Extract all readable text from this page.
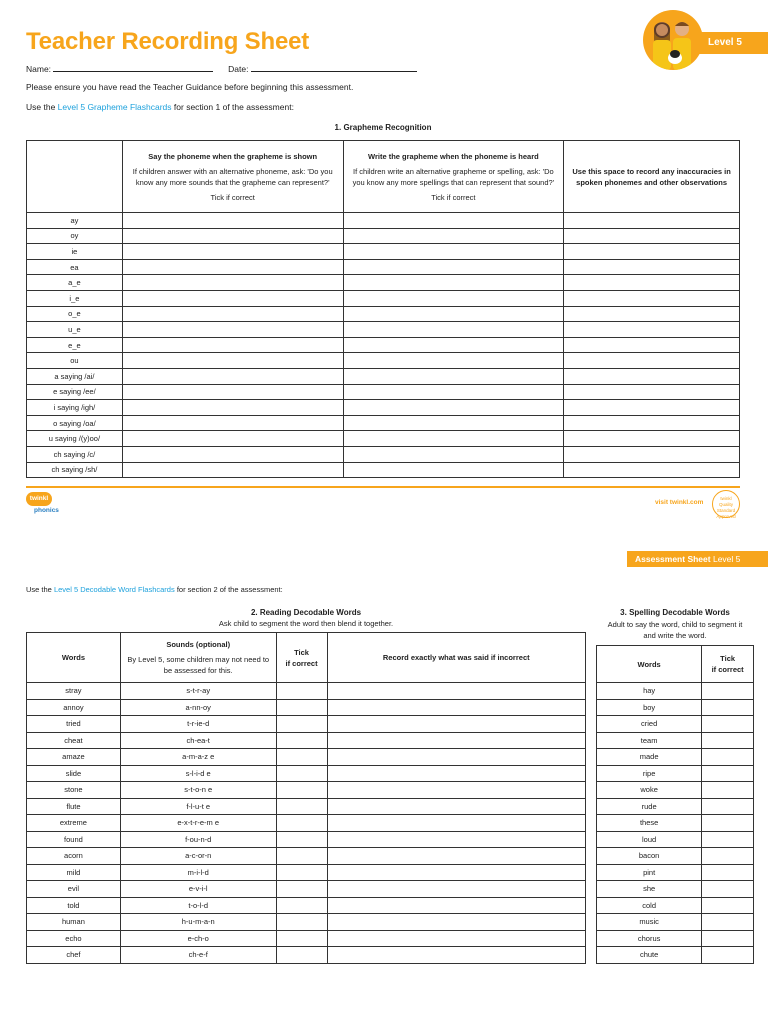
Teacher Recording Sheet
Name:	Date:
Level 5
Please ensure you have read the Teacher Guidance before beginning this assessment.
Use the Level 5 Grapheme Flashcards for section 1 of the assessment:
1. Grapheme Recognition

	Say the phoneme when the grapheme is shown
If children answer with an alternative phoneme, ask: 'Do you know any more sounds that the grapheme can represent?'
Tick if correct	Write the grapheme when the phoneme is heard
If children write an alternative grapheme or spelling, ask: 'Do you know any more spellings that can represent that sound?'
Tick if correct	Use this space to record any inaccuracies in spoken phonemes and other observations
ay			
oy			
ie			
ea			
a_e			
i_e			
o_e			
u_e			
e_e			
ou			
a saying /ai/			
e saying /ee/			
i saying /igh/			
o saying /oa/			
u saying /(y)oo/			
ch saying /c/			
ch saying /sh/			
twinkl
phonics
visit twinkl.com
twinkl Quality Standard Approved
Assessment Sheet Level 5
Use the Level 5 Decodable Word Flashcards for section 2 of the assessment:
2. Reading Decodable Words
Ask child to segment the word then blend it together.
3. Spelling Decodable Words
Adult to say the word, child to segment it and write the word.
Words	Sounds (optional)
By Level 5, some children may not need to be assessed for this.	Tick
if correct	Record exactly what was said if incorrect
stray	s-t-r-ay		
annoy	a-nn-oy		
tried	t-r-ie-d		
cheat	ch-ea-t		
amaze	a-m-a-z e		
slide	s-l-i-d e		
stone	s-t-o-n e		
flute	f-l-u-t e		
extreme	e-x-t-r-e-m e		
found	f-ou-n-d		
acorn	a-c-or-n		
mild	m-i-l-d		
evil	e-v-i-l		
told	t-o-l-d		
human	h-u-m-a-n		
echo	e-ch-o		
chef	ch-e-f		
Words	Tick
if correct

hay	
boy	
cried	
team	
made	
ripe	
woke	
rude	
these	
loud	
bacon	
pint	
she	
cold	
music	
chorus	
chute	
